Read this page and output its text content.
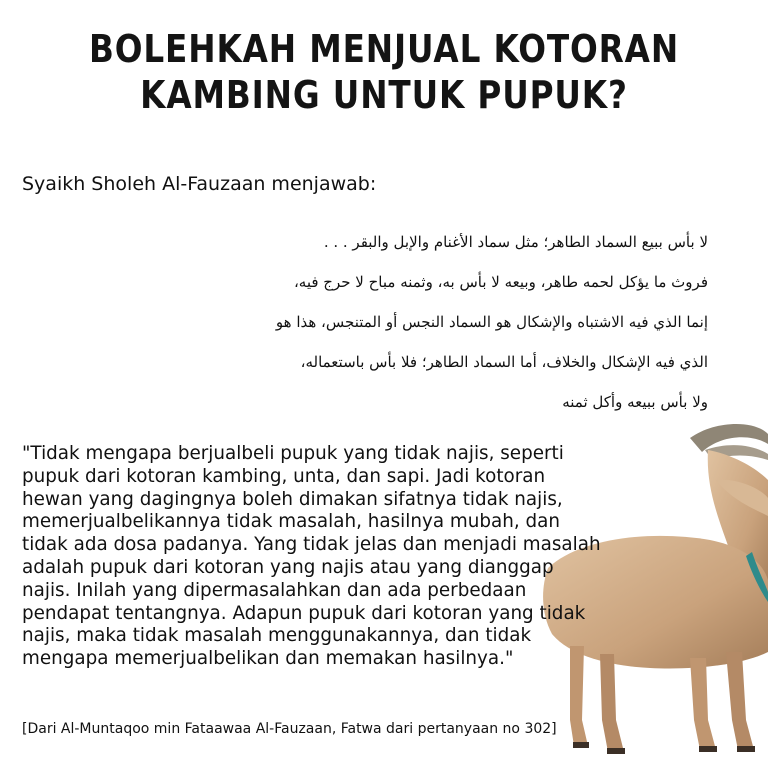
BOLEHKAH MENJUAL KOTORAN
KAMBING UNTUK PUPUK?
Syaikh Sholeh Al-Fauzaan menjawab:
لا بأس ببيع السماد الطاهر؛ مثل سماد الأغنام والإبل والبقر . . .
فروث ما يؤكل لحمه طاهر، وبيعه لا بأس به، وثمنه مباح لا حرج فيه،
إنما الذي فيه الاشتباه والإشكال هو السماد النجس أو المتنجس، هذا هو
الذي فيه الإشكال والخلاف، أما السماد الطاهر؛ فلا بأس باستعماله،
ولا بأس ببيعه وأكل ثمنه
"Tidak mengapa berjualbeli pupuk yang tidak najis, seperti
pupuk dari kotoran kambing, unta, dan sapi. Jadi kotoran
hewan yang dagingnya boleh dimakan sifatnya tidak najis,
memerjualbelikannya tidak masalah, hasilnya mubah, dan
tidak ada dosa padanya. Yang tidak jelas dan menjadi masalah
adalah pupuk dari kotoran yang najis atau yang dianggap
najis. Inilah yang dipermasalahkan dan ada perbedaan
pendapat tentangnya. Adapun pupuk dari kotoran yang tidak
najis, maka tidak masalah menggunakannya, dan tidak
mengapa memerjualbelikan dan memakan hasilnya."
[Dari Al-Muntaqoo min Fataawaa Al-Fauzaan, Fatwa dari pertanyaan no 302]
